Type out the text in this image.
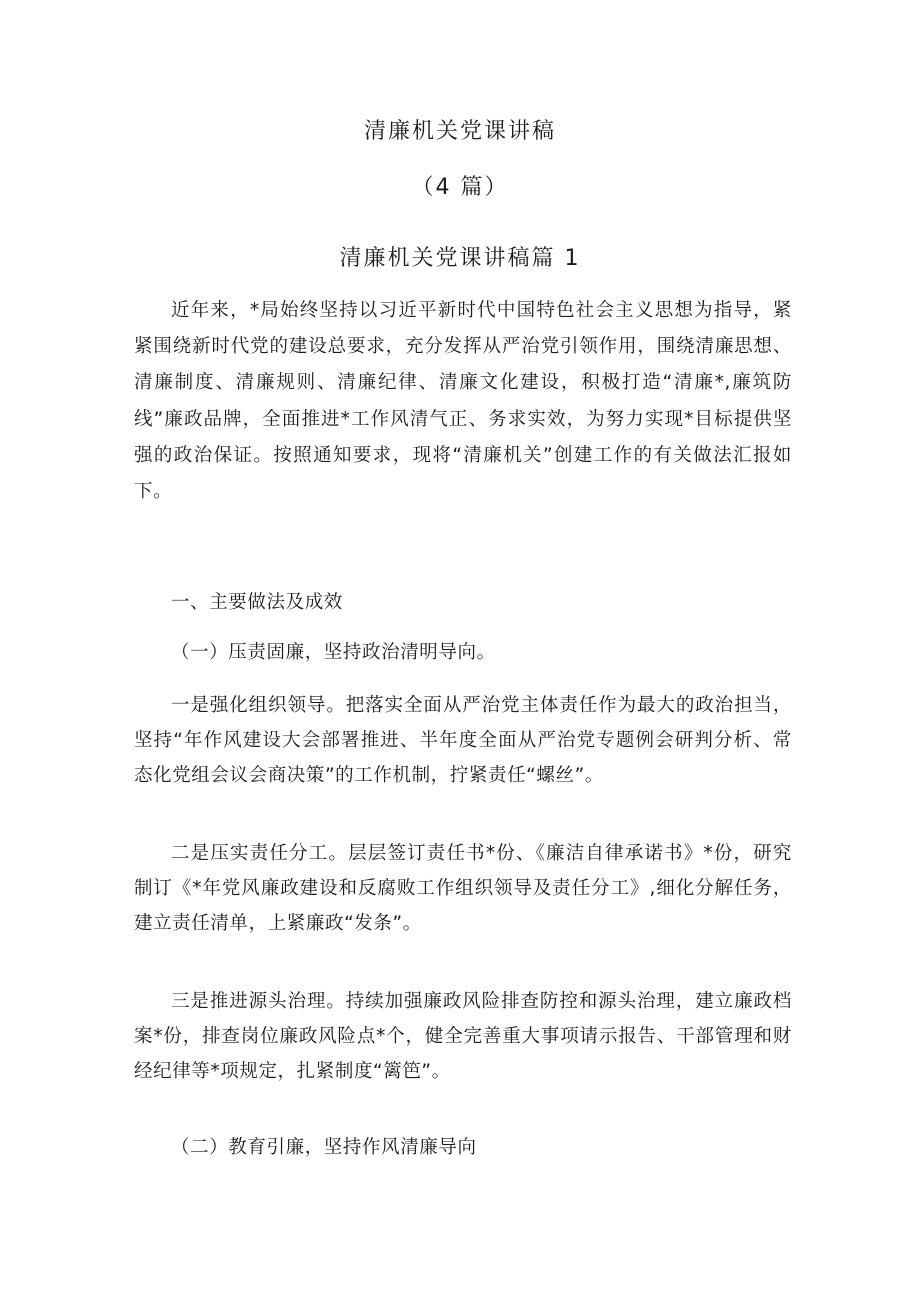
清廉机关党课讲稿
（4 篇）
清廉机关党课讲稿篇 1

近年来，*局始终坚持以习近平新时代中国特色社会主义思想为指导，紧紧围绕新时代党的建设总要求，充分发挥从严治党引领作用，围绕清廉思想、清廉制度、清廉规则、清廉纪律、清廉文化建设，积极打造“清廉*,廉筑防线”廉政品牌，全面推进*工作风清气正、务求实效，为努力实现*目标提供坚强的政治保证。按照通知要求，现将“清廉机关”创建工作的有关做法汇报如下。

一、主要做法及成效

（一）压责固廉，坚持政治清明导向。

一是强化组织领导。把落实全面从严治党主体责任作为最大的政治担当，坚持“年作风建设大会部署推进、半年度全面从严治党专题例会研判分析、常态化党组会议会商决策”的工作机制，拧紧责任“螺丝”。

二是压实责任分工。层层签订责任书*份、《廉洁自律承诺书》*份，研究制订《*年党风廉政建设和反腐败工作组织领导及责任分工》,细化分解任务，建立责任清单，上紧廉政“发条”。

三是推进源头治理。持续加强廉政风险排查防控和源头治理，建立廉政档案*份，排查岗位廉政风险点*个，健全完善重大事项请示报告、干部管理和财经纪律等*项规定，扎紧制度“篱笆”。

（二）教育引廉，坚持作风清廉导向
